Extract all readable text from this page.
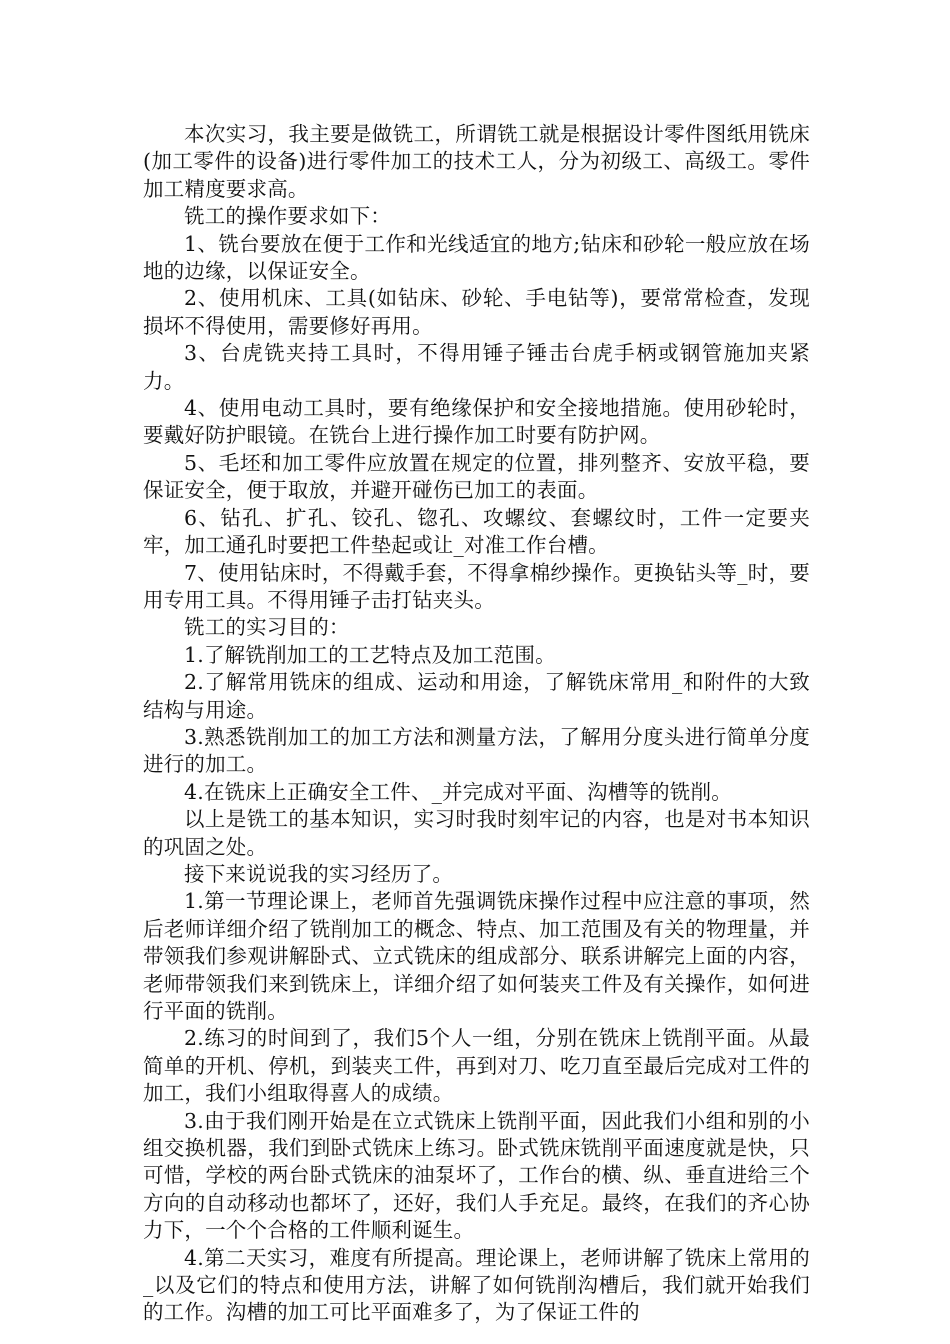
本次实习，我主要是做铣工，所谓铣工就是根据设计零件图纸用铣床(加工零件的设备)进行零件加工的技术工人，分为初级工、高级工。零件加工精度要求高。

铣工的操作要求如下：

1、铣台要放在便于工作和光线适宜的地方;钻床和砂轮一般应放在场地的边缘，以保证安全。

2、使用机床、工具(如钻床、砂轮、手电钻等)，要常常检查，发现损坏不得使用，需要修好再用。

3、台虎铣夹持工具时，不得用锤子锤击台虎手柄或钢管施加夹紧力。

4、使用电动工具时，要有绝缘保护和安全接地措施。使用砂轮时，要戴好防护眼镜。在铣台上进行操作加工时要有防护网。

5、毛坯和加工零件应放置在规定的位置，排列整齐、安放平稳，要保证安全，便于取放，并避开碰伤已加工的表面。

6、钻孔、扩孔、铰孔、锪孔、攻螺纹、套螺纹时，工件一定要夹牢，加工通孔时要把工件垫起或让_对准工作台槽。

7、使用钻床时，不得戴手套，不得拿棉纱操作。更换钻头等_时，要用专用工具。不得用锤子击打钻夹头。

铣工的实习目的：

1.了解铣削加工的工艺特点及加工范围。

2.了解常用铣床的组成、运动和用途，了解铣床常用_和附件的大致结构与用途。

3.熟悉铣削加工的加工方法和测量方法，了解用分度头进行简单分度进行的加工。

4.在铣床上正确安全工件、_并完成对平面、沟槽等的铣削。

以上是铣工的基本知识，实习时我时刻牢记的内容，也是对书本知识的巩固之处。

接下来说说我的实习经历了。

1.第一节理论课上，老师首先强调铣床操作过程中应注意的事项，然后老师详细介绍了铣削加工的概念、特点、加工范围及有关的物理量，并带领我们参观讲解卧式、立式铣床的组成部分、联系讲解完上面的内容，老师带领我们来到铣床上，详细介绍了如何装夹工件及有关操作，如何进行平面的铣削。

2.练习的时间到了，我们5个人一组，分别在铣床上铣削平面。从最简单的开机、停机，到装夹工件，再到对刀、吃刀直至最后完成对工件的加工，我们小组取得喜人的成绩。

3.由于我们刚开始是在立式铣床上铣削平面，因此我们小组和别的小组交换机器，我们到卧式铣床上练习。卧式铣床铣削平面速度就是快，只可惜，学校的两台卧式铣床的油泵坏了，工作台的横、纵、垂直进给三个方向的自动移动也都坏了，还好，我们人手充足。最终，在我们的齐心协力下，一个个合格的工件顺利诞生。

4.第二天实习，难度有所提高。理论课上，老师讲解了铣床上常用的_以及它们的特点和使用方法，讲解了如何铣削沟槽后，我们就开始我们的工作。沟槽的加工可比平面难多了，为了保证工件的
